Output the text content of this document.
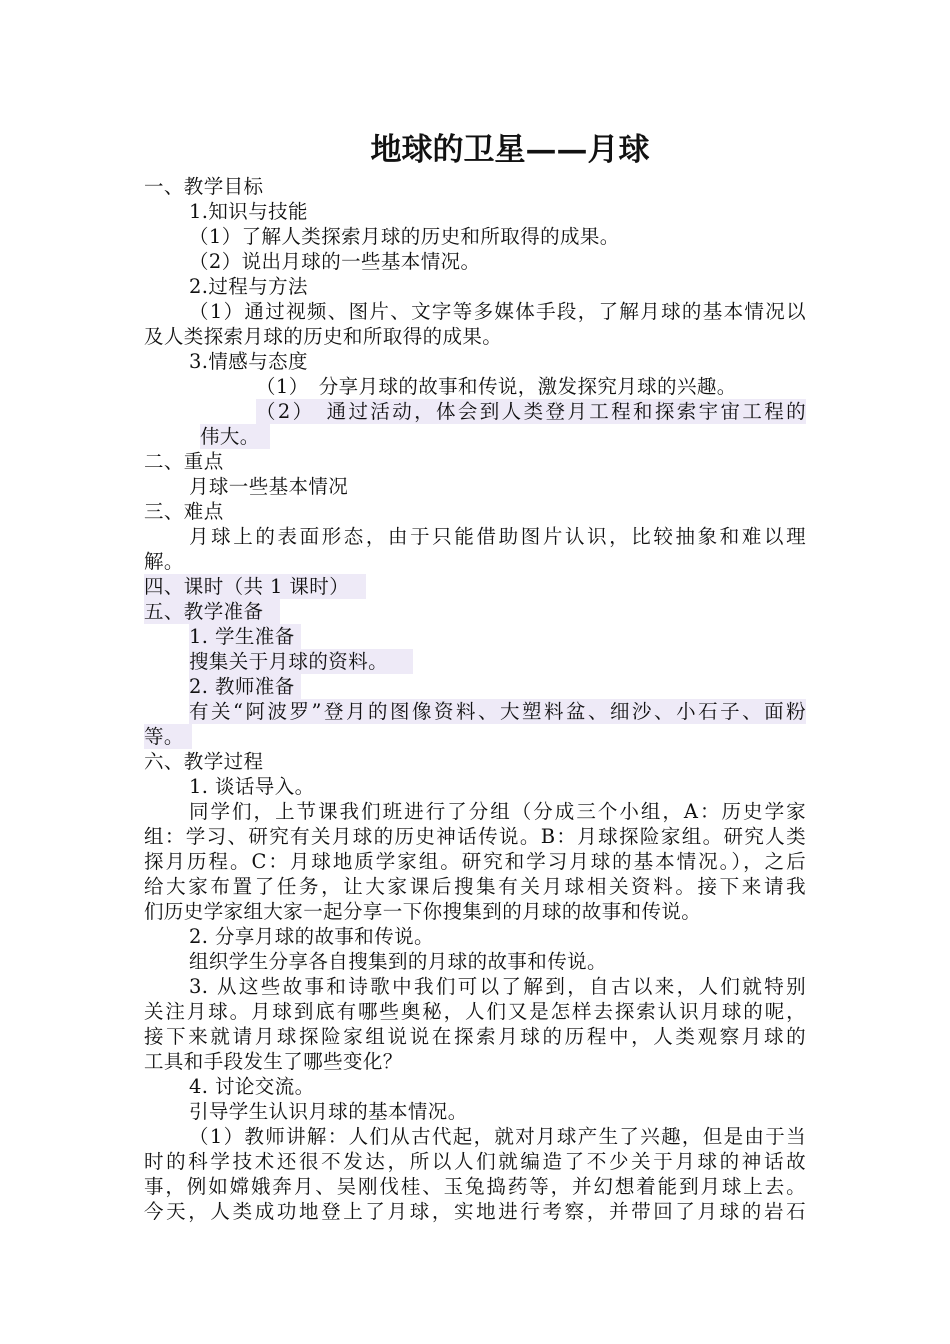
地球的卫星——月球
一、教学目标
1.知识与技能
（1）了解人类探索月球的历史和所取得的成果。
（2）说出月球的一些基本情况。
2.过程与方法
（1）通过视频、图片、文字等多媒体手段，了解月球的基本情况以
及人类探索月球的历史和所取得的成果。
3.情感与态度
（1）　分享月球的故事和传说，激发探究月球的兴趣。
（2）　通过活动，体会到人类登月工程和探索宇宙工程的
伟大。
二、重点
月球一些基本情况
三、难点
月球上的表面形态，由于只能借助图片认识，比较抽象和难以理
解。
四、课时（共 1 课时）
五、教学准备
1. 学生准备
搜集关于月球的资料。
2. 教师准备
有关“阿波罗”登月的图像资料、大塑料盆、细沙、小石子、面粉
等。
六、教学过程
1. 谈话导入。
同学们，上节课我们班进行了分组（分成三个小组，A：历史学家
组：学习、研究有关月球的历史神话传说。B：月球探险家组。研究人类
探月历程。C：月球地质学家组。研究和学习月球的基本情况。），之后
给大家布置了任务，让大家课后搜集有关月球相关资料。接下来请我
们历史学家组大家一起分享一下你搜集到的月球的故事和传说。
2. 分享月球的故事和传说。
组织学生分享各自搜集到的月球的故事和传说。
3. 从这些故事和诗歌中我们可以了解到，自古以来，人们就特别
关注月球。月球到底有哪些奥秘，人们又是怎样去探索认识月球的呢，
接下来就请月球探险家组说说在探索月球的历程中，人类观察月球的
工具和手段发生了哪些变化？
4. 讨论交流。
引导学生认识月球的基本情况。
（1）教师讲解：人们从古代起，就对月球产生了兴趣，但是由于当
时的科学技术还很不发达，所以人们就编造了不少关于月球的神话故
事，例如嫦娥奔月、吴刚伐桂、玉兔捣药等，并幻想着能到月球上去。
今天，人类成功地登上了月球，实地进行考察，并带回了月球的岩石
